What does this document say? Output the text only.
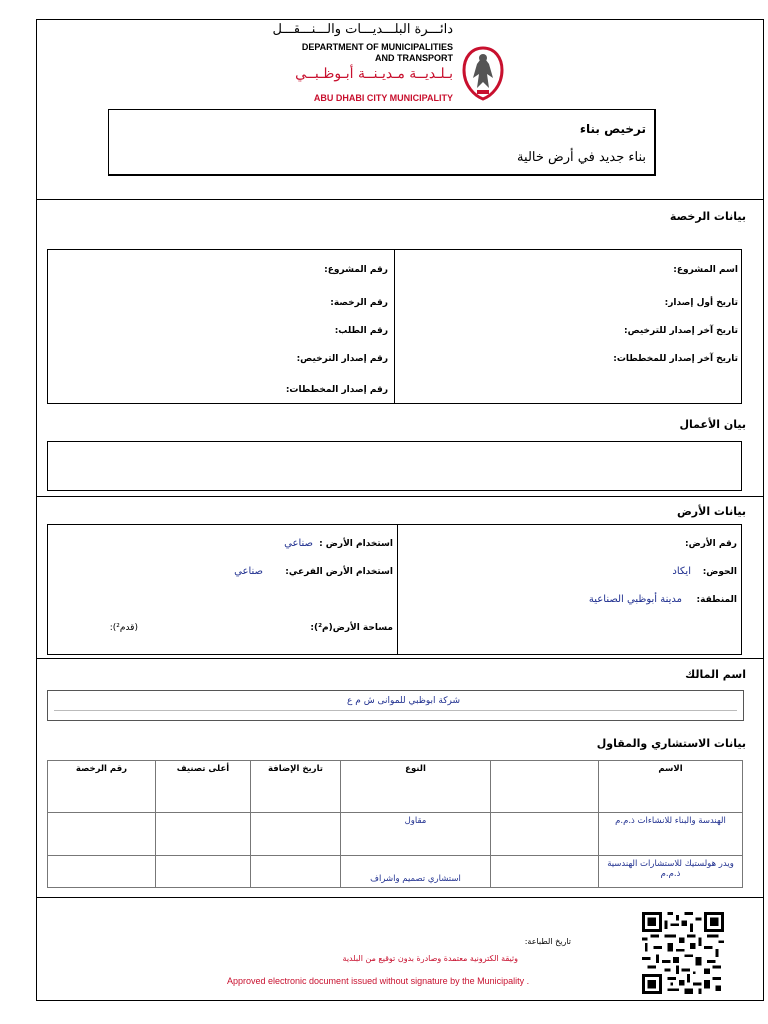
دائـــرة البلـــديـــات والـــنـــقـــل
DEPARTMENT OF MUNICIPALITIES
AND TRANSPORT
بـلـديــة مـديـنــة أبـوظـبــي
ABU DHABI CITY MUNICIPALITY
ترخيص بناء
بناء جديد في أرض خالية
بيانات الرخصة
اسم المشروع:
تاريخ أول إصدار:
تاريخ آخر إصدار للترخيص:
تاريخ آخر إصدار للمخططات:
رقم المشروع:
رقم الرخصة:
رقم الطلب:
رقم إصدار الترخيص:
رقم إصدار المخططات:
بيان الأعمال
بيانات الأرض
رقم الأرض:
الحوض:
ايكاد
المنطقة:
مدينة أبوظبي الصناعية
استخدام الأرض :
صناعي
استخدام الأرض الفرعي:
صناعي
مساحة الأرض(م²):
(قدم²):
اسم المالك
شركة ابوظبي للموانى ش م ع
بيانات الاستشاري والمقاول
الاسم		النوع	تاريخ الإضافة	أعلى تصنيف	رقم الرخصة
الهندسة والبناء للانشاءات ذ.م.م		مقاول			
ويدر هولستيك للاستشارات الهندسية ذ.م.م		استشاري تصميم واشراف			
تاريخ الطباعة:
وثيقة الكترونية معتمدة وصادرة بدون توقيع من البلدية
Approved electronic document issued without signature by the Municipality .
